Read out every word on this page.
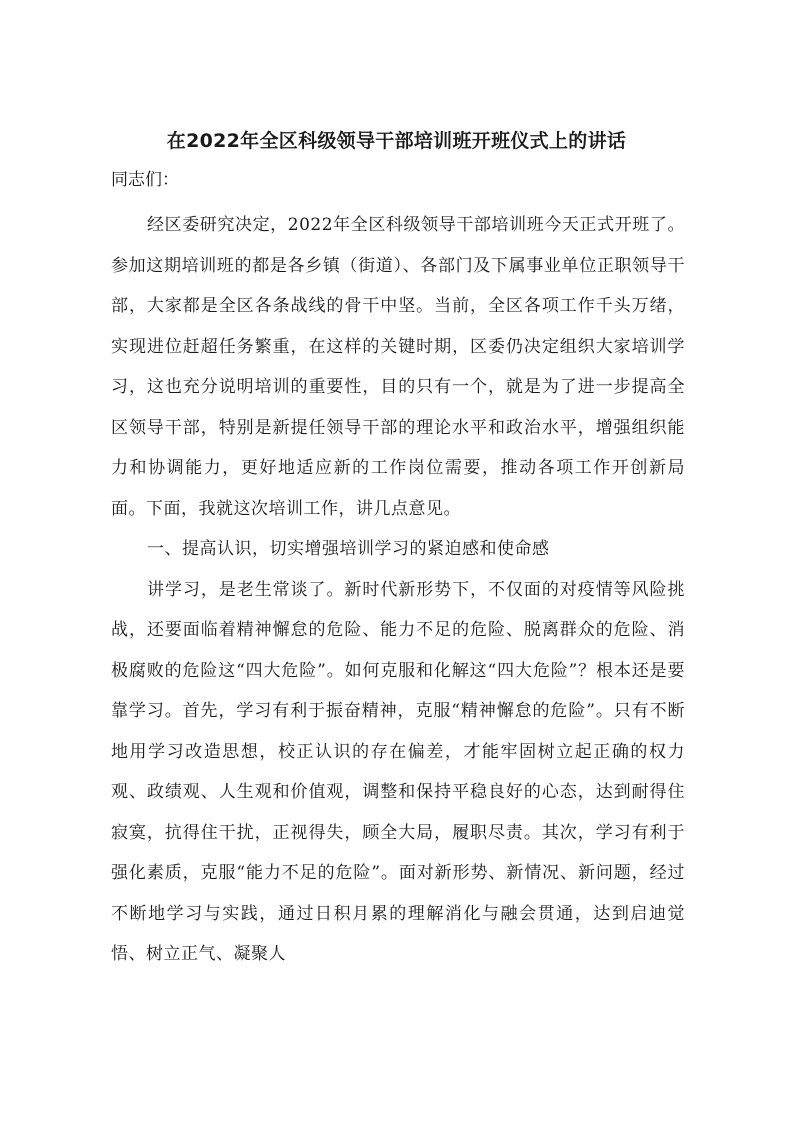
在2022年全区科级领导干部培训班开班仪式上的讲话

同志们：

经区委研究决定，2022年全区科级领导干部培训班今天正式开班了。参加这期培训班的都是各乡镇（街道）、各部门及下属事业单位正职领导干部，大家都是全区各条战线的骨干中坚。当前，全区各项工作千头万绪，实现进位赶超任务繁重，在这样的关键时期，区委仍决定组织大家培训学习，这也充分说明培训的重要性，目的只有一个，就是为了进一步提高全区领导干部，特别是新提任领导干部的理论水平和政治水平，增强组织能力和协调能力，更好地适应新的工作岗位需要，推动各项工作开创新局面。下面，我就这次培训工作，讲几点意见。

一、提高认识，切实增强培训学习的紧迫感和使命感

讲学习，是老生常谈了。新时代新形势下，不仅面的对疫情等风险挑战，还要面临着精神懈怠的危险、能力不足的危险、脱离群众的危险、消极腐败的危险这“四大危险”。如何克服和化解这“四大危险”？根本还是要靠学习。首先，学习有利于振奋精神，克服“精神懈怠的危险”。只有不断地用学习改造思想，校正认识的存在偏差，才能牢固树立起正确的权力观、政绩观、人生观和价值观，调整和保持平稳良好的心态，达到耐得住寂寞，抗得住干扰，正视得失，顾全大局，履职尽责。其次，学习有利于强化素质，克服“能力不足的危险”。面对新形势、新情况、新问题，经过不断地学习与实践，通过日积月累的理解消化与融会贯通，达到启迪觉悟、树立正气、凝聚人
